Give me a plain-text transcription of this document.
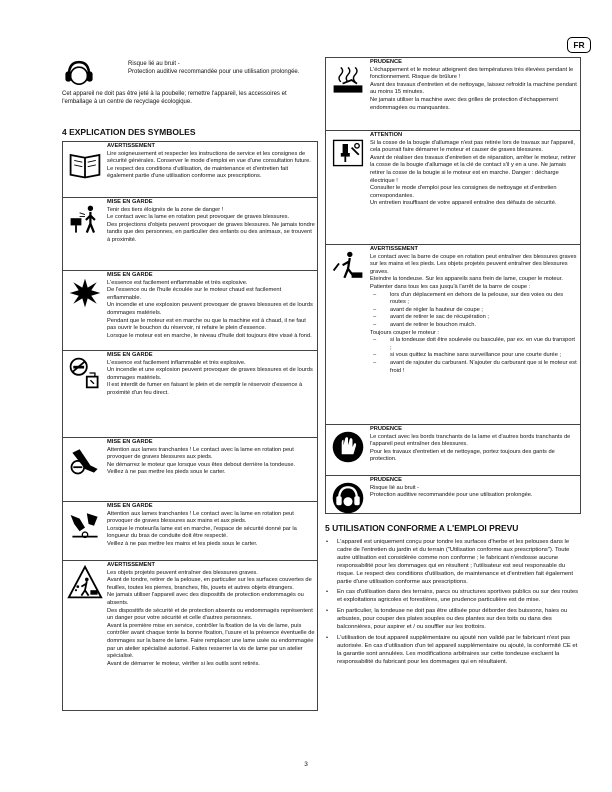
FR

Risque lié au bruit -

Protection auditive recommandée pour une utilisation prolongée.

Cet appareil ne doit pas être jeté à la poubelle; remettre l'appareil, les accessoires et l'emballage à un centre de recyclage écologique.
4 EXPLICATION DES SYMBOLES

AVERTISSEMENT

Lire soigneusement et respecter les instructions de service et les consignes de sécurité générales. Conserver le mode d'emploi en vue d'une consultation future.

Le respect des conditions d'utilisation, de maintenance et d'entretien fait également partie d'une utilisation conforme aux prescriptions.

MISE EN GARDE

Tenir des tiers éloignés de la zone de danger !

Le contact avec la lame en rotation peut provoquer de graves blessures.

Des projections d'objets peuvent provoquer de graves blessures. Ne jamais tondre tandis que des personnes, en particulier des enfants ou des animaux, se trouvent à proximité.

MISE EN GARDE

L'essence est facilement enflammable et très explosive.

De l'essence ou de l'huile écoulée sur le moteur chaud est facilement enflammable.

Un incendie et une explosion peuvent provoquer de graves blessures et de lourds dommages matériels.

Pendant que le moteur est en marche ou que la machine est à chaud, il ne faut pas ouvrir le bouchon du réservoir, ni refaire le plein d'essence.

Lorsque le moteur est en marche, le niveau d'huile doit toujours être vissé à fond.

MISE EN GARDE

L'essence est facilement inflammable et très explosive.

Un incendie et une explosion peuvent provoquer de graves blessures et de lourds dommages matériels.

Il est interdit de fumer en faisant le plein et de remplir le réservoir d'essence à proximité d'un feu direct.

MISE EN GARDE

Attention aux lames tranchantes ! Le contact avec la lame en rotation peut provoquer de graves blessures aux pieds.

Ne démarrez le moteur que lorsque vous êtes debout derrière la tondeuse.

Veillez à ne pas mettre les pieds sous le carter.

MISE EN GARDE

Attention aux lames tranchantes ! Le contact avec la lame en rotation peut provoquer de graves blessures aux mains et aux pieds.

Lorsque le moteur/la lame est en marche, l'espace de sécurité donné par la longueur du bras de conduite doit être respecté.

Veillez à ne pas mettre les mains et les pieds sous le carter.

AVERTISSEMENT

Les objets projetés peuvent entraîner des blessures graves.

Avant de tondre, retirer de la pelouse, en particulier sur les surfaces couvertes de feuilles, toutes les pierres, branches, fils, jouets et autres objets étrangers.

Ne jamais utiliser l'appareil avec des dispositifs de protection endommagés ou absents.

Des dispositifs de sécurité et de protection absents ou endommagés représentent un danger pour votre sécurité et celle d'autres personnes.

Avant la première mise en service, contrôler la fixation de la vis de lame, puis contrôler avant chaque tonte la bonne fixation, l'usure et la présence éventuelle de dommages sur la barre de lame. Faire remplacer une lame usée ou endommagée par un atelier spécialisé autorisé. Faites resserrer la vis de lame par un atelier spécialisé.

Avant de démarrer le moteur, vérifier si les outils sont retirés.

PRUDENCE

L'échappement et le moteur atteignent des températures très élevées pendant le fonctionnement. Risque de brûlure !

Avant des travaux d'entretien et de nettoyage, laissez refroidir la machine pendant au moins 15 minutes.

Ne jamais utiliser la machine avec des grilles de protection d'échappement endommagées ou manquantes.

ATTENTION

Si la cosse de la bougie d'allumage n'est pas retirée lors de travaux sur l'appareil, cela pourrait faire démarrer le moteur et causer de graves blessures.

Avant de réaliser des travaux d'entretien et de réparation, arrêter le moteur, retirer la cosse de la bougie d'allumage et la clé de contact s'il y en a une. Ne jamais retirer la cosse de la bougie si le moteur est en marche. Danger : décharge électrique !

Consulter le mode d'emploi pour les consignes de nettoyage et d'entretien correspondantes.

Un entretien insuffisant de votre appareil entraîne des défauts de sécurité.

AVERTISSEMENT

Le contact avec la barre de coupe en rotation peut entraîner des blessures graves sur les mains et les pieds. Les objets projetés peuvent entraîner des blessures graves.

Eteindre la tondeuse. Sur les appareils sans frein de lame, couper le moteur. Patienter dans tous les cas jusqu'à l'arrêt de la barre de coupe :

– lors d'un déplacement en dehors de la pelouse, sur des voies ou des routes ;
– avant de régler la hauteur de coupe ;
– avant de retirer le sac de récupération ;
– avant de retirer le bouchon mulch.

Toujours couper le moteur :

– si la tondeuse doit être soulevée ou basculée, par ex. en vue du transport ;
– si vous quittez la machine sans surveillance pour une courte durée ;
– avant de rajouter du carburant. N'ajouter du carburant que si le moteur est froid !

PRUDENCE

Le contact avec les bords tranchants de la lame et d'autres bords tranchants de l'appareil peut entraîner des blessures.

Pour les travaux d'entretien et de nettoyage, portez toujours des gants de protection.

PRUDENCE

Risque lié au bruit -

Protection auditive recommandée pour une utilisation prolongée.

5 UTILISATION CONFORME A L'EMPLOI PREVU
• L'appareil est uniquement conçu pour tondre les surfaces d'herbe et les pelouses dans le cadre de l'entretien du jardin et du terrain ("Utilisation conforme aux prescriptions"). Toute autre utilisation est considérée comme non conforme ; le fabricant n'endosse aucune responsabilité pour les dommages qui en résultent ; l'utilisateur est seul responsable du risque. Le respect des conditions d'utilisation, de maintenance et d'entretien fait également partie d'une utilisation conforme aux prescriptions.
• En cas d'utilisation dans des terrains, parcs ou structures sportives publics ou sur des routes et exploitations agricoles et forestières, une prudence particulière est de mise.
• En particulier, la tondeuse ne doit pas être utilisée pour déborder des buissons, haies ou arbustes, pour couper des plates souples ou des plantes sur des toits ou dans des balconnières, pour aspirer et / ou souffler sur les trottoirs.
• L'utilisation de tout appareil supplémentaire ou ajouté non validé par le fabricant n'est pas autorisée. En cas d'utilisation d'un tel appareil supplémentaire ou ajouté, la conformité CE et la garantie sont annulées. Les modifications arbitraires sur cette tondeuse excluent la responsabilité du fabricant pour les dommages qui en résultaient.
3
